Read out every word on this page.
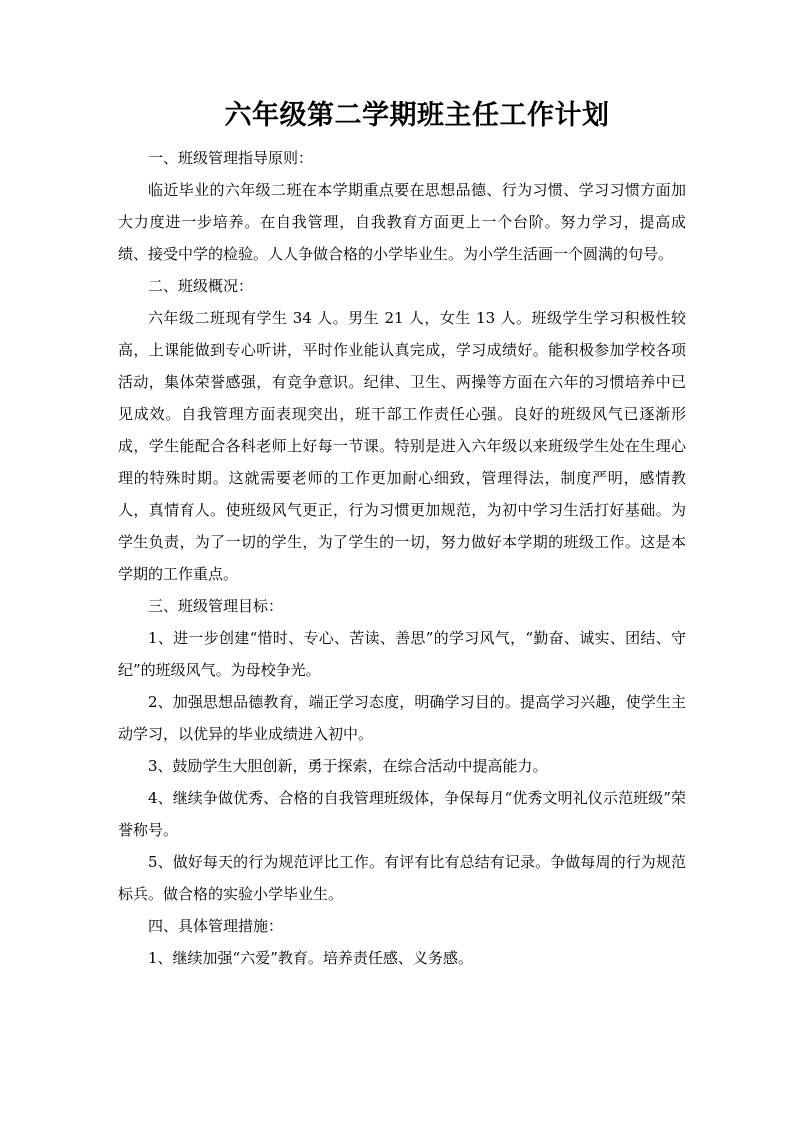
六年级第二学期班主任工作计划

一、班级管理指导原则：

临近毕业的六年级二班在本学期重点要在思想品德、行为习惯、学习习惯方面加大力度进一步培养。在自我管理，自我教育方面更上一个台阶。努力学习，提高成绩、接受中学的检验。人人争做合格的小学毕业生。为小学生活画一个圆满的句号。

二、班级概况：

六年级二班现有学生 34 人。男生 21 人，女生 13 人。班级学生学习积极性较高，上课能做到专心听讲，平时作业能认真完成，学习成绩好。能积极参加学校各项活动，集体荣誉感强，有竞争意识。纪律、卫生、两操等方面在六年的习惯培养中已见成效。自我管理方面表现突出，班干部工作责任心强。良好的班级风气已逐渐形成，学生能配合各科老师上好每一节课。特别是进入六年级以来班级学生处在生理心理的特殊时期。这就需要老师的工作更加耐心细致，管理得法，制度严明，感情教人，真情育人。使班级风气更正，行为习惯更加规范，为初中学习生活打好基础。为学生负责，为了一切的学生，为了学生的一切，努力做好本学期的班级工作。这是本学期的工作重点。

三、班级管理目标：

1、进一步创建“惜时、专心、苦读、善思”的学习风气，“勤奋、诚实、团结、守纪”的班级风气。为母校争光。

2、加强思想品德教育，端正学习态度，明确学习目的。提高学习兴趣，使学生主动学习，以优异的毕业成绩进入初中。

3、鼓励学生大胆创新，勇于探索，在综合活动中提高能力。

4、继续争做优秀、合格的自我管理班级体，争保每月“优秀文明礼仪示范班级”荣誉称号。

5、做好每天的行为规范评比工作。有评有比有总结有记录。争做每周的行为规范标兵。做合格的实验小学毕业生。

四、具体管理措施：

1、继续加强“六爱”教育。培养责任感、义务感。
